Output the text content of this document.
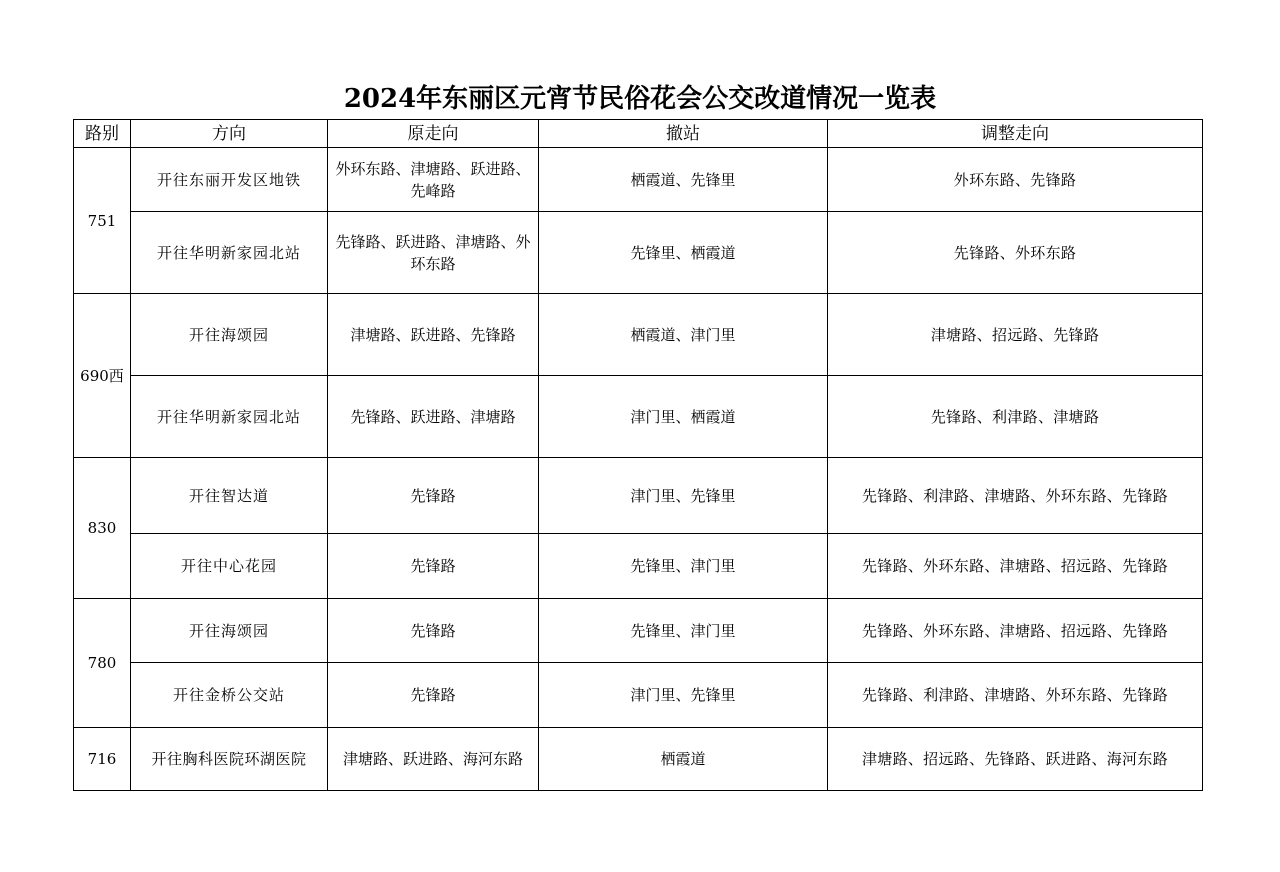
2024年东丽区元宵节民俗花会公交改道情况一览表
路别	方向	原走向	撤站	调整走向
751	开往东丽开发区地铁	外环东路、津塘路、跃进路、先峰路	栖霞道、先锋里	外环东路、先锋路
	开往华明新家园北站	先锋路、跃进路、津塘路、外环东路	先锋里、栖霞道	先锋路、外环东路
690西	开往海颂园	津塘路、跃进路、先锋路	栖霞道、津门里	津塘路、招远路、先锋路
	开往华明新家园北站	先锋路、跃进路、津塘路	津门里、栖霞道	先锋路、利津路、津塘路
830	开往智达道	先锋路	津门里、先锋里	先锋路、利津路、津塘路、外环东路、先锋路
	开往中心花园	先锋路	先锋里、津门里	先锋路、外环东路、津塘路、招远路、先锋路
780	开往海颂园	先锋路	先锋里、津门里	先锋路、外环东路、津塘路、招远路、先锋路
	开往金桥公交站	先锋路	津门里、先锋里	先锋路、利津路、津塘路、外环东路、先锋路
716	开往胸科医院环湖医院	津塘路、跃进路、海河东路	栖霞道	津塘路、招远路、先锋路、跃进路、海河东路
